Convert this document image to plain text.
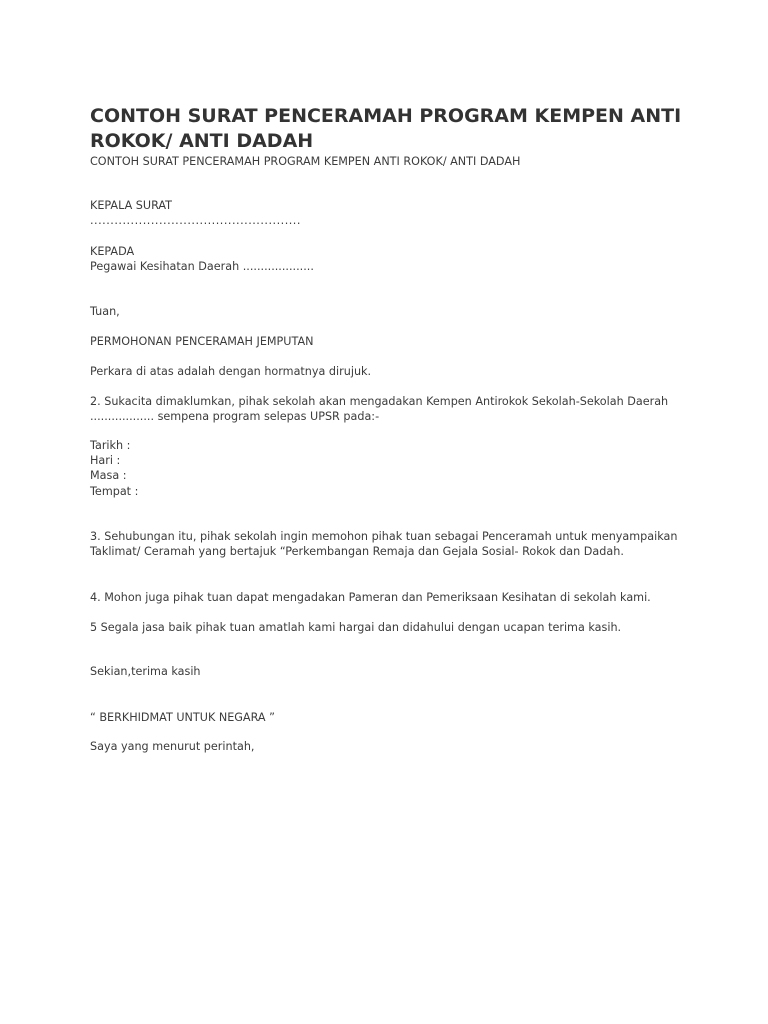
CONTOH SURAT PENCERAMAH PROGRAM KEMPEN ANTI ROKOK/ ANTI DADAH
CONTOH SURAT PENCERAMAH PROGRAM KEMPEN ANTI ROKOK/ ANTI DADAH
KEPALA SURAT
....................................................
KEPADA
Pegawai Kesihatan Daerah ....................
Tuan,
PERMOHONAN PENCERAMAH JEMPUTAN
Perkara di atas adalah dengan hormatnya dirujuk.
2. Sukacita dimaklumkan, pihak sekolah akan mengadakan Kempen Antirokok Sekolah-Sekolah Daerah
.................. sempena program selepas UPSR pada:-
Tarikh :
Hari :
Masa :
Tempat :
3. Sehubungan itu, pihak sekolah ingin memohon pihak tuan sebagai Penceramah untuk menyampaikan
Taklimat/ Ceramah yang bertajuk “Perkembangan Remaja dan Gejala Sosial- Rokok dan Dadah.
4. Mohon juga pihak tuan dapat mengadakan Pameran dan Pemeriksaan Kesihatan di sekolah kami.
5 Segala jasa baik pihak tuan amatlah kami hargai dan didahului dengan ucapan terima kasih.
Sekian,terima kasih
“ BERKHIDMAT UNTUK NEGARA ”
Saya yang menurut perintah,
